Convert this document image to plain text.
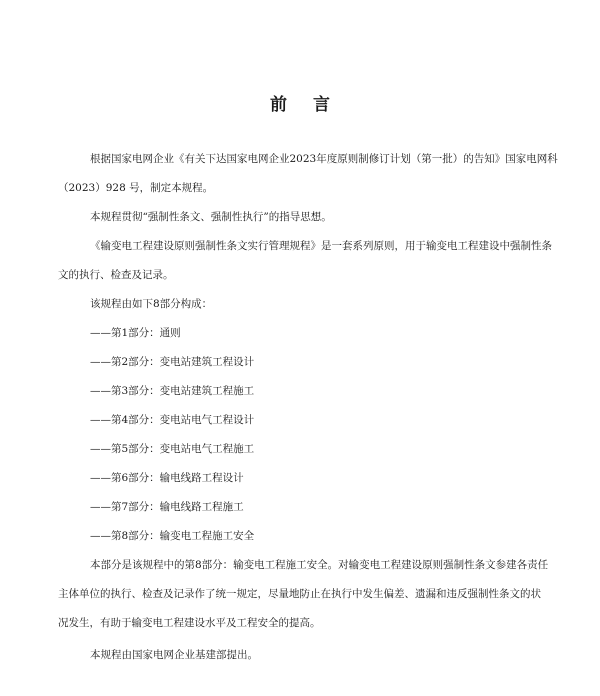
前 言
根据国家电网企业《有关下达国家电网企业2023年度原则制修订计划（第一批）的告知》国家电网科
（2023）928 号，制定本规程。
本规程贯彻“强制性条文、强制性执行”的指导思想。
《输变电工程建设原则强制性条文实行管理规程》是一套系列原则，用于输变电工程建设中强制性条
文的执行、检查及记录。
该规程由如下8部分构成：
——第1部分：通则
——第2部分：变电站建筑工程设计
——第3部分：变电站建筑工程施工
——第4部分：变电站电气工程设计
——第5部分：变电站电气工程施工
——第6部分：输电线路工程设计
——第7部分：输电线路工程施工
——第8部分：输变电工程施工安全
本部分是该规程中的第8部分：输变电工程施工安全。对输变电工程建设原则强制性条文参建各责任
主体单位的执行、检查及记录作了统一规定，尽量地防止在执行中发生偏差、遗漏和违反强制性条文的状
况发生，有助于输变电工程建设水平及工程安全的提高。
本规程由国家电网企业基建部提出。
